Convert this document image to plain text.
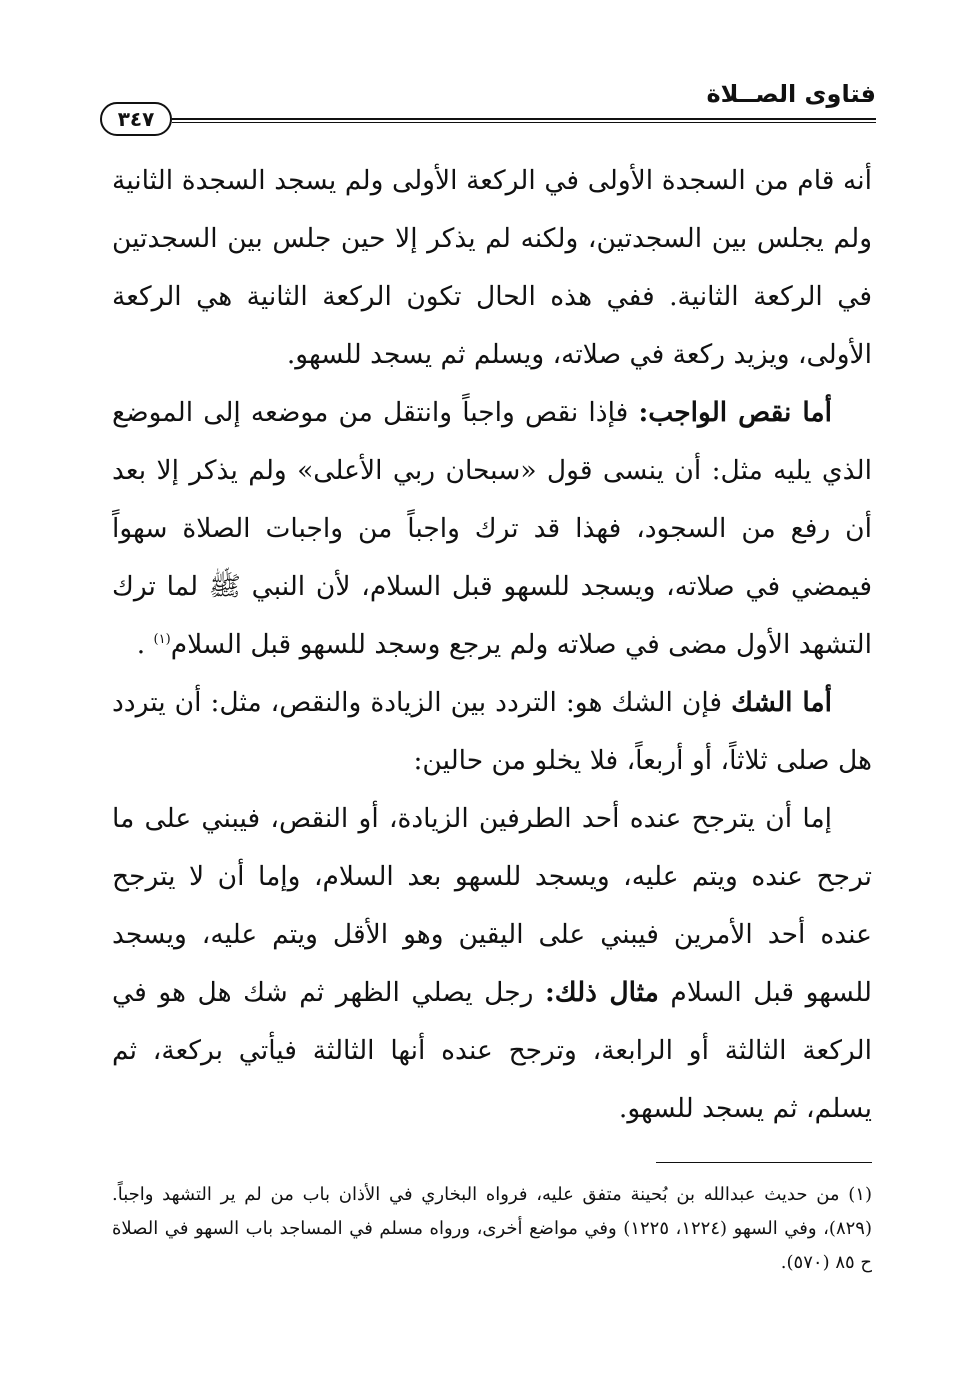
فتاوى الصــلاة
٣٤٧

أنه قام من السجدة الأولى في الركعة الأولى ولم يسجد السجدة الثانية ولم يجلس بين السجدتين، ولكنه لم يذكر إلا حين جلس بين السجدتين في الركعة الثانية. ففي هذه الحال تكون الركعة الثانية هي الركعة الأولى، ويزيد ركعة في صلاته، ويسلم ثم يسجد للسهو.

أما نقص الواجب: فإذا نقص واجباً وانتقل من موضعه إلى الموضع الذي يليه مثل: أن ينسى قول «سبحان ربي الأعلى» ولم يذكر إلا بعد أن رفع من السجود، فهذا قد ترك واجباً من واجبات الصلاة سهواً فيمضي في صلاته، ويسجد للسهو قبل السلام، لأن النبي ﷺ لما ترك التشهد الأول مضى في صلاته ولم يرجع وسجد للسهو قبل السلام$^{(١)}$ .

أما الشك فإن الشك هو: التردد بين الزيادة والنقص، مثل: أن يتردد هل صلى ثلاثاً، أو أربعاً، فلا يخلو من حالين:

إما أن يترجح عنده أحد الطرفين الزيادة، أو النقص، فيبني على ما ترجح عنده ويتم عليه، ويسجد للسهو بعد السلام، وإما أن لا يترجح عنده أحد الأمرين فيبني على اليقين وهو الأقل ويتم عليه، ويسجد للسهو قبل السلام مثال ذلك: رجل يصلي الظهر ثم شك هل هو في الركعة الثالثة أو الرابعة، وترجح عنده أنها الثالثة فيأتي بركعة، ثم يسلم، ثم يسجد للسهو.

(١) من حديث عبدالله بن بُحينة متفق عليه، فرواه البخاري في الأذان باب من لم ير التشهد واجباً. (٨٢٩)، وفي السهو (١٢٢٤، ١٢٢٥) وفي مواضع أخرى، ورواه مسلم في المساجد باب السهو في الصلاة ح ٨٥ (٥٧٠).
